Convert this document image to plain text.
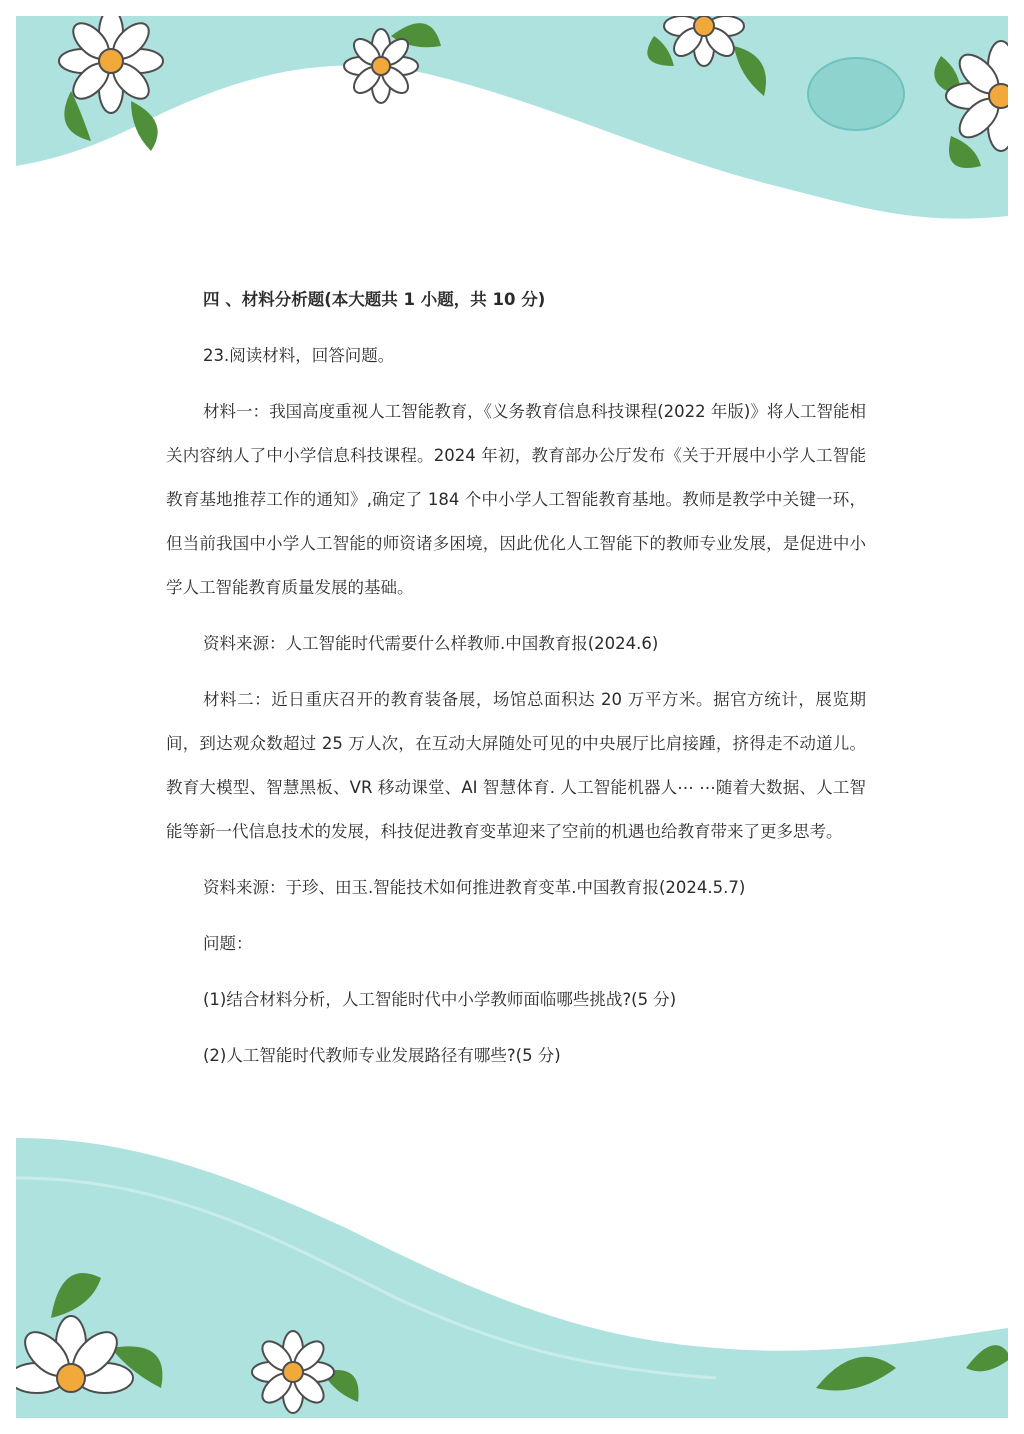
四 、材料分析题(本大题共 1 小题，共 10 分)

23.阅读材料，回答问题。

材料一：我国高度重视人工智能教育，《义务教育信息科技课程(2022 年版)》将人工智能相关内容纳人了中小学信息科技课程。2024 年初，教育部办公厅发布《关于开展中小学人工智能教育基地推荐工作的通知》,确定了 184 个中小学人工智能教育基地。教师是教学中关键一环，但当前我国中小学人工智能的师资诸多困境，因此优化人工智能下的教师专业发展，是促进中小学人工智能教育质量发展的基础。

资料来源：人工智能时代需要什么样教师.中国教育报(2024.6)

材料二：近日重庆召开的教育装备展，场馆总面积达 20 万平方米。据官方统计，展览期 间，到达观众数超过 25 万人次，在互动大屏随处可见的中央展厅比肩接踵，挤得走不动道儿。教育大模型、智慧黑板、VR 移动课堂、AI 智慧体育. 人工智能机器人⋯ ⋯随着大数据、人工智能等新一代信息技术的发展，科技促进教育变革迎来了空前的机遇也给教育带来了更多思考。

资料来源：于珍、田玉.智能技术如何推进教育变革.中国教育报(2024.5.7)

问题：

(1)结合材料分析，人工智能时代中小学教师面临哪些挑战?(5 分)

(2)人工智能时代教师专业发展路径有哪些?(5 分)
